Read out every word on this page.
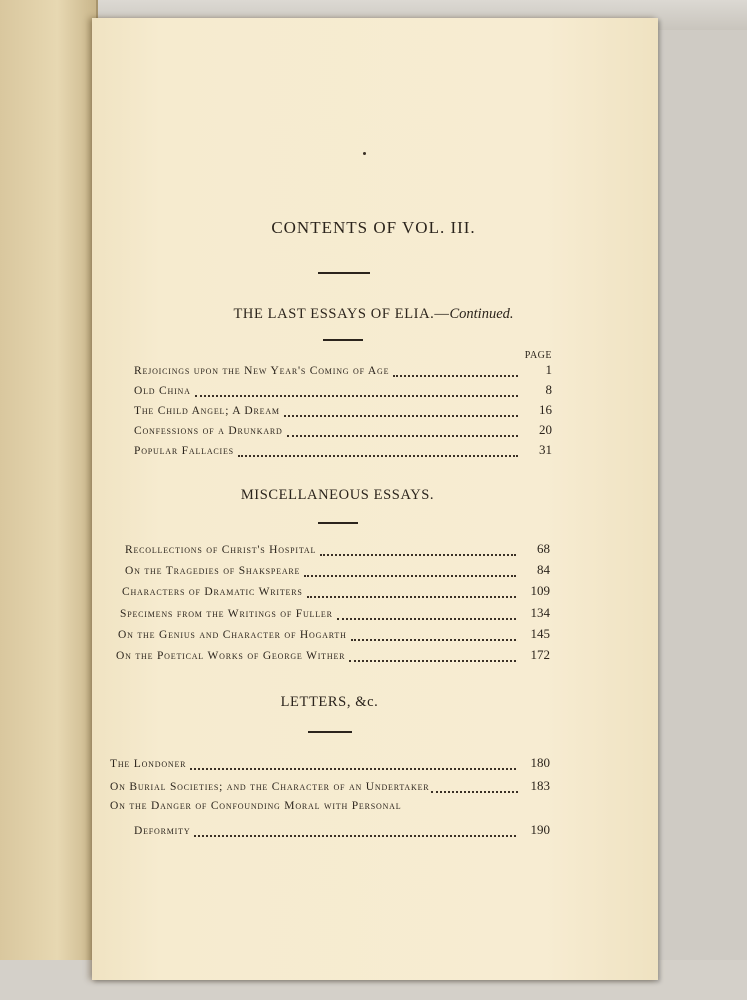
CONTENTS OF VOL. III.
THE LAST ESSAYS OF ELIA.—Continued.
PAGE
Rejoicings upon the New Year's Coming of Age	1
Old China	8
The Child Angel; A Dream	16
Confessions of a Drunkard	20
Popular Fallacies	31
MISCELLANEOUS ESSAYS.
Recollections of Christ's Hospital	68
On the Tragedies of Shakspeare	84
Characters of Dramatic Writers	109
Specimens from the Writings of Fuller	134
On the Genius and Character of Hogarth	145
On the Poetical Works of George Wither	172
LETTERS, &c.
The Londoner	180
On Burial Societies; and the Character of an Undertaker	183
On the Danger of Confounding Moral with Personal
Deformity	190
